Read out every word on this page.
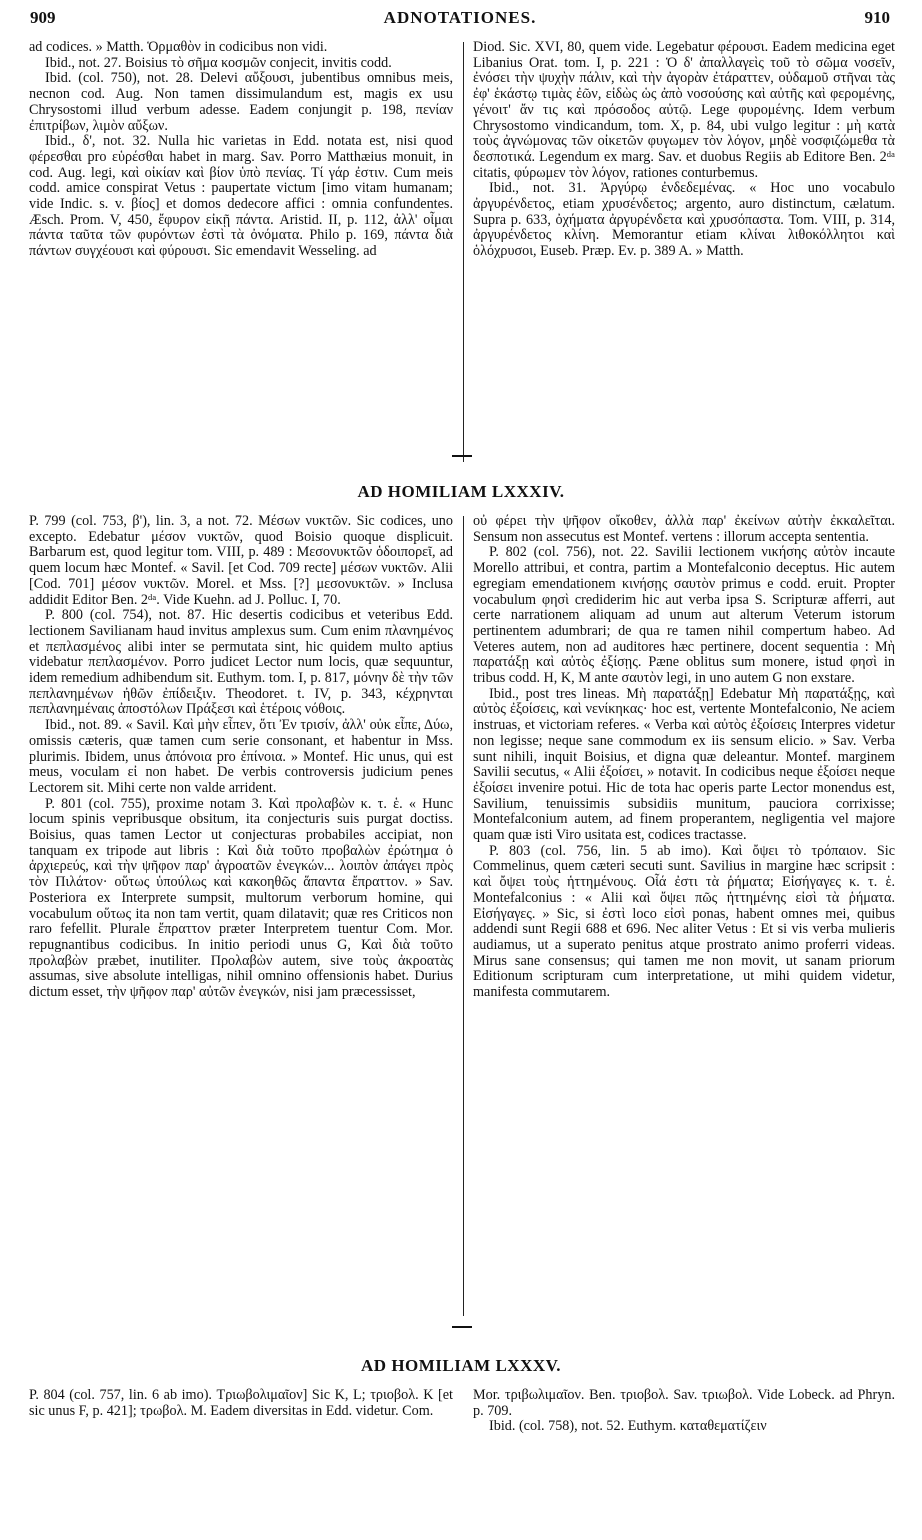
909	ADNOTATIONES.	910

ad codices. » Matth. Ὁρμαθὸν in codicibus non vidi.

Ibid., not. 27. Boisius τὸ σῆμα κοσμῶν conjecit, invitis codd.

Ibid. (col. 750), not. 28. Delevi αὔξουσι, jubentibus omnibus meis, necnon cod. Aug. Non tamen dissimulandum est, magis ex usu Chrysostomi illud verbum adesse. Eadem conjungit p. 198, πενίαν ἐπιτρίβων, λιμὸν αὔξων.

Ibid., δ', not. 32. Nulla hic varietas in Edd. notata est, nisi quod φέρεσθαι pro εὑρέσθαι habet in marg. Sav. Porro Matthæius monuit, in cod. Aug. legi, καὶ οἰκίαν καὶ βίον ὑπὸ πενίας. Τί γάρ ἐστιν. Cum meis codd. amice conspirat Vetus : paupertate victum [imo vitam humanam; vide Indic. s. v. βίος] et domos dedecore affici : omnia confundentes. Æsch. Prom. V, 450, ἔφυρον εἰκῇ πάντα. Aristid. II, p. 112, ἀλλ' οἶμαι πάντα ταῦτα τῶν φυρόντων ἐστὶ τὰ ὀνόματα. Philo p. 169, πάντα διὰ πάντων συγχέουσι καὶ φύρουσι. Sic emendavit Wesseling. ad

Diod. Sic. XVI, 80, quem vide. Legebatur φέρουσι. Eadem medicina eget Libanius Orat. tom. I, p. 221 : Ὁ δ' ἀπαλλαγεὶς τοῦ τὸ σῶμα νοσεῖν, ἐνόσει τὴν ψυχὴν πάλιν, καὶ τὴν ἀγορὰν ἐτάραττεν, οὐδαμοῦ στῆναι τὰς ἐφ' ἑκάστῳ τιμὰς ἐῶν, εἰδὼς ὡς ἀπὸ νοσούσης καὶ αὐτῆς καὶ φερομένης, γένοιτ' ἄν τις καὶ πρόσοδος αὐτῷ. Lege φυρομένης. Idem verbum Chrysostomo vindicandum, tom. X, p. 84, ubi vulgo legitur : μὴ κατὰ τοὺς ἀγνώμονας τῶν οἰκετῶν φυγωμεν τὸν λόγον, μηδὲ νοσφιζώμεθα τὰ δεσποτικά. Legendum ex marg. Sav. et duobus Regiis ab Editore Ben. 2ᵈᵃ citatis, φύρωμεν τὸν λόγον, rationes conturbemus.

Ibid., not. 31. Ἀργύρῳ ἐνδεδεμένας. « Hoc uno vocabulo ἀργυρένδετος, etiam χρυσένδετος; argento, auro distinctum, cælatum. Supra p. 633, ὀχήματα ἀργυρένδετα καὶ χρυσόπαστα. Tom. VIII, p. 314, ἀργυρένδετος κλίνη. Memorantur etiam κλίναι λιθοκόλλητοι καὶ ὁλόχρυσοι, Euseb. Præp. Ev. p. 389 A. » Matth.

AD HOMILIAM LXXXIV.

P. 799 (col. 753, β'), lin. 3, a not. 72. Μέσων νυκτῶν. Sic codices, uno excepto. Edebatur μέσον νυκτῶν, quod Boisio quoque displicuit. Barbarum est, quod legitur tom. VIII, p. 489 : Μεσονυκτῶν ὁδοιπορεῖ, ad quem locum hæc Montef. « Savil. [et Cod. 709 recte] μέσων νυκτῶν. Alii [Cod. 701] μέσον νυκτῶν. Morel. et Mss. [?] μεσονυκτῶν. » Inclusa addidit Editor Ben. 2ᵈᵃ. Vide Kuehn. ad J. Polluc. I, 70.

P. 800 (col. 754), not. 87. Hic desertis codicibus et veteribus Edd. lectionem Savilianam haud invitus amplexus sum. Cum enim πλανημένος et πεπλασμένος alibi inter se permutata sint, hic quidem multo aptius videbatur πεπλασμένον. Porro judicet Lector num locis, quæ sequuntur, idem remedium adhibendum sit. Euthym. tom. I, p. 817, μόνην δὲ τὴν τῶν πεπλανημένων ἠθῶν ἐπίδειξιν. Theodoret. t. IV, p. 343, κέχρηνται πεπλανημέναις ἀποστόλων Πράξεσι καὶ ἑτέροις νόθοις.

Ibid., not. 89. « Savil. Καὶ μὴν εἶπεν, ὅτι Ἐν τρισίν, ἀλλ' οὐκ εἶπε, Δύω, omissis cæteris, quæ tamen cum serie consonant, et habentur in Mss. plurimis. Ibidem, unus ἀπόνοια pro ἐπίνοια. » Montef. Hic unus, qui est meus, voculam εἰ non habet. De verbis controversis judicium penes Lectorem sit. Mihi certe non valde arrident.

P. 801 (col. 755), proxime notam 3. Καὶ προλαβὼν κ. τ. ἑ. « Hunc locum spinis vepribusque obsitum, ita conjecturis suis purgat doctiss. Boisius, quas tamen Lector ut conjecturas probabiles accipiat, non tanquam ex tripode aut libris : Καὶ διὰ τοῦτο προβαλὼν ἐρώτημα ὁ ἀρχιερεύς, καὶ τὴν ψῆφον παρ' ἀγροατῶν ἐνεγκών... λοιπὸν ἀπάγει πρὸς τὸν Πιλάτον· οὕτως ὑπούλως καὶ κακοηθῶς ἅπαντα ἔπραττον. » Sav. Posteriora ex Interprete sumpsit, multorum verborum homine, qui vocabulum οὕτως ita non tam vertit, quam dilatavit; quæ res Criticos non raro fefellit. Plurale ἔπραττον præter Interpretem tuentur Com. Mor. repugnantibus codicibus. In initio periodi unus G, Καὶ διὰ τοῦτο προλαβὼν præbet, inutiliter. Προλαβὼν autem, sive τοὺς ἀκροατὰς assumas, sive absolute intelligas, nihil omnino offensionis habet. Durius dictum esset, τὴν ψῆφον παρ' αὐτῶν ἐνεγκών, nisi jam præcessisset,

οὐ φέρει τὴν ψῆφον οἴκοθεν, ἀλλὰ παρ' ἐκείνων αὐτὴν ἐκκαλεῖται. Sensum non assecutus est Montef. vertens : illorum accepta sententia.

P. 802 (col. 756), not. 22. Savilii lectionem νικήσης αὐτὸν incaute Morello attribui, et contra, partim a Montefalconio deceptus. Hic autem egregiam emendationem κινήσῃς σαυτὸν primus e codd. eruit. Propter vocabulum φησὶ crediderim hic aut verba ipsa S. Scripturæ afferri, aut certe narrationem aliquam ad unum aut alterum Veterum istorum pertinentem adumbrari; de qua re tamen nihil compertum habeo. Ad Veteres autem, non ad auditores hæc pertinere, docent sequentia : Μὴ παρατάξῃ καὶ αὐτὸς ἐξίσῃς. Pæne oblitus sum monere, istud φησὶ in tribus codd. H, K, M ante σαυτὸν legi, in uno autem G non exstare.

Ibid., post tres lineas. Μὴ παρατάξῃ] Edebatur Μὴ παρατάξῃς, καὶ αὐτὸς ἐξοίσεις, καὶ νενίκηκας· hoc est, vertente Montefalconio, Ne aciem instruas, et victoriam referes. « Verba καὶ αὐτὸς ἐξοίσεις Interpres videtur non legisse; neque sane commodum ex iis sensum elicio. » Sav. Verba sunt nihili, inquit Boisius, et digna quæ deleantur. Montef. marginem Savilii secutus, « Alii ἐξοίσει, » notavit. In codicibus neque ἐξοίσει neque ἐξοίσει invenire potui. Hic de tota hac operis parte Lector monendus est, Savilium, tenuissimis subsidiis munitum, pauciora corrixisse; Montefalconium autem, ad finem properantem, negligentia vel majore quam quæ isti Viro usitata est, codices tractasse.

P. 803 (col. 756, lin. 5 ab imo). Καὶ ὄψει τὸ τρόπαιον. Sic Commelinus, quem cæteri secuti sunt. Savilius in margine hæc scripsit : καὶ ὄψει τοὺς ἡττημένους. Οἷά ἐστι τὰ ῥήματα; Εἰσήγαγες κ. τ. ἑ. Montefalconius : « Alii καὶ ὄψει πῶς ἡττημένης εἰσὶ τὰ ῥήματα. Εἰσήγαγες. » Sic, si ἐστὶ loco εἰσὶ ponas, habent omnes mei, quibus addendi sunt Regii 688 et 696. Nec aliter Vetus : Et si vis verba mulieris audiamus, ut a superato penitus atque prostrato animo proferri videas. Mirus sane consensus; qui tamen me non movit, ut sanam priorum Editionum scripturam cum interpretatione, ut mihi quidem videtur, manifesta commutarem.

AD HOMILIAM LXXXV.

P. 804 (col. 757, lin. 6 ab imo). Τριωβολιμαῖον] Sic K, L; τριοβολ. K [et sic unus F, p. 421]; τρωβολ. M. Eadem diversitas in Edd. videtur. Com.

Mor. τριβωλιμαῖον. Ben. τριοβολ. Sav. τριωβολ. Vide Lobeck. ad Phryn. p. 709.

Ibid. (col. 758), not. 52. Euthym. καταθεματίζειν
